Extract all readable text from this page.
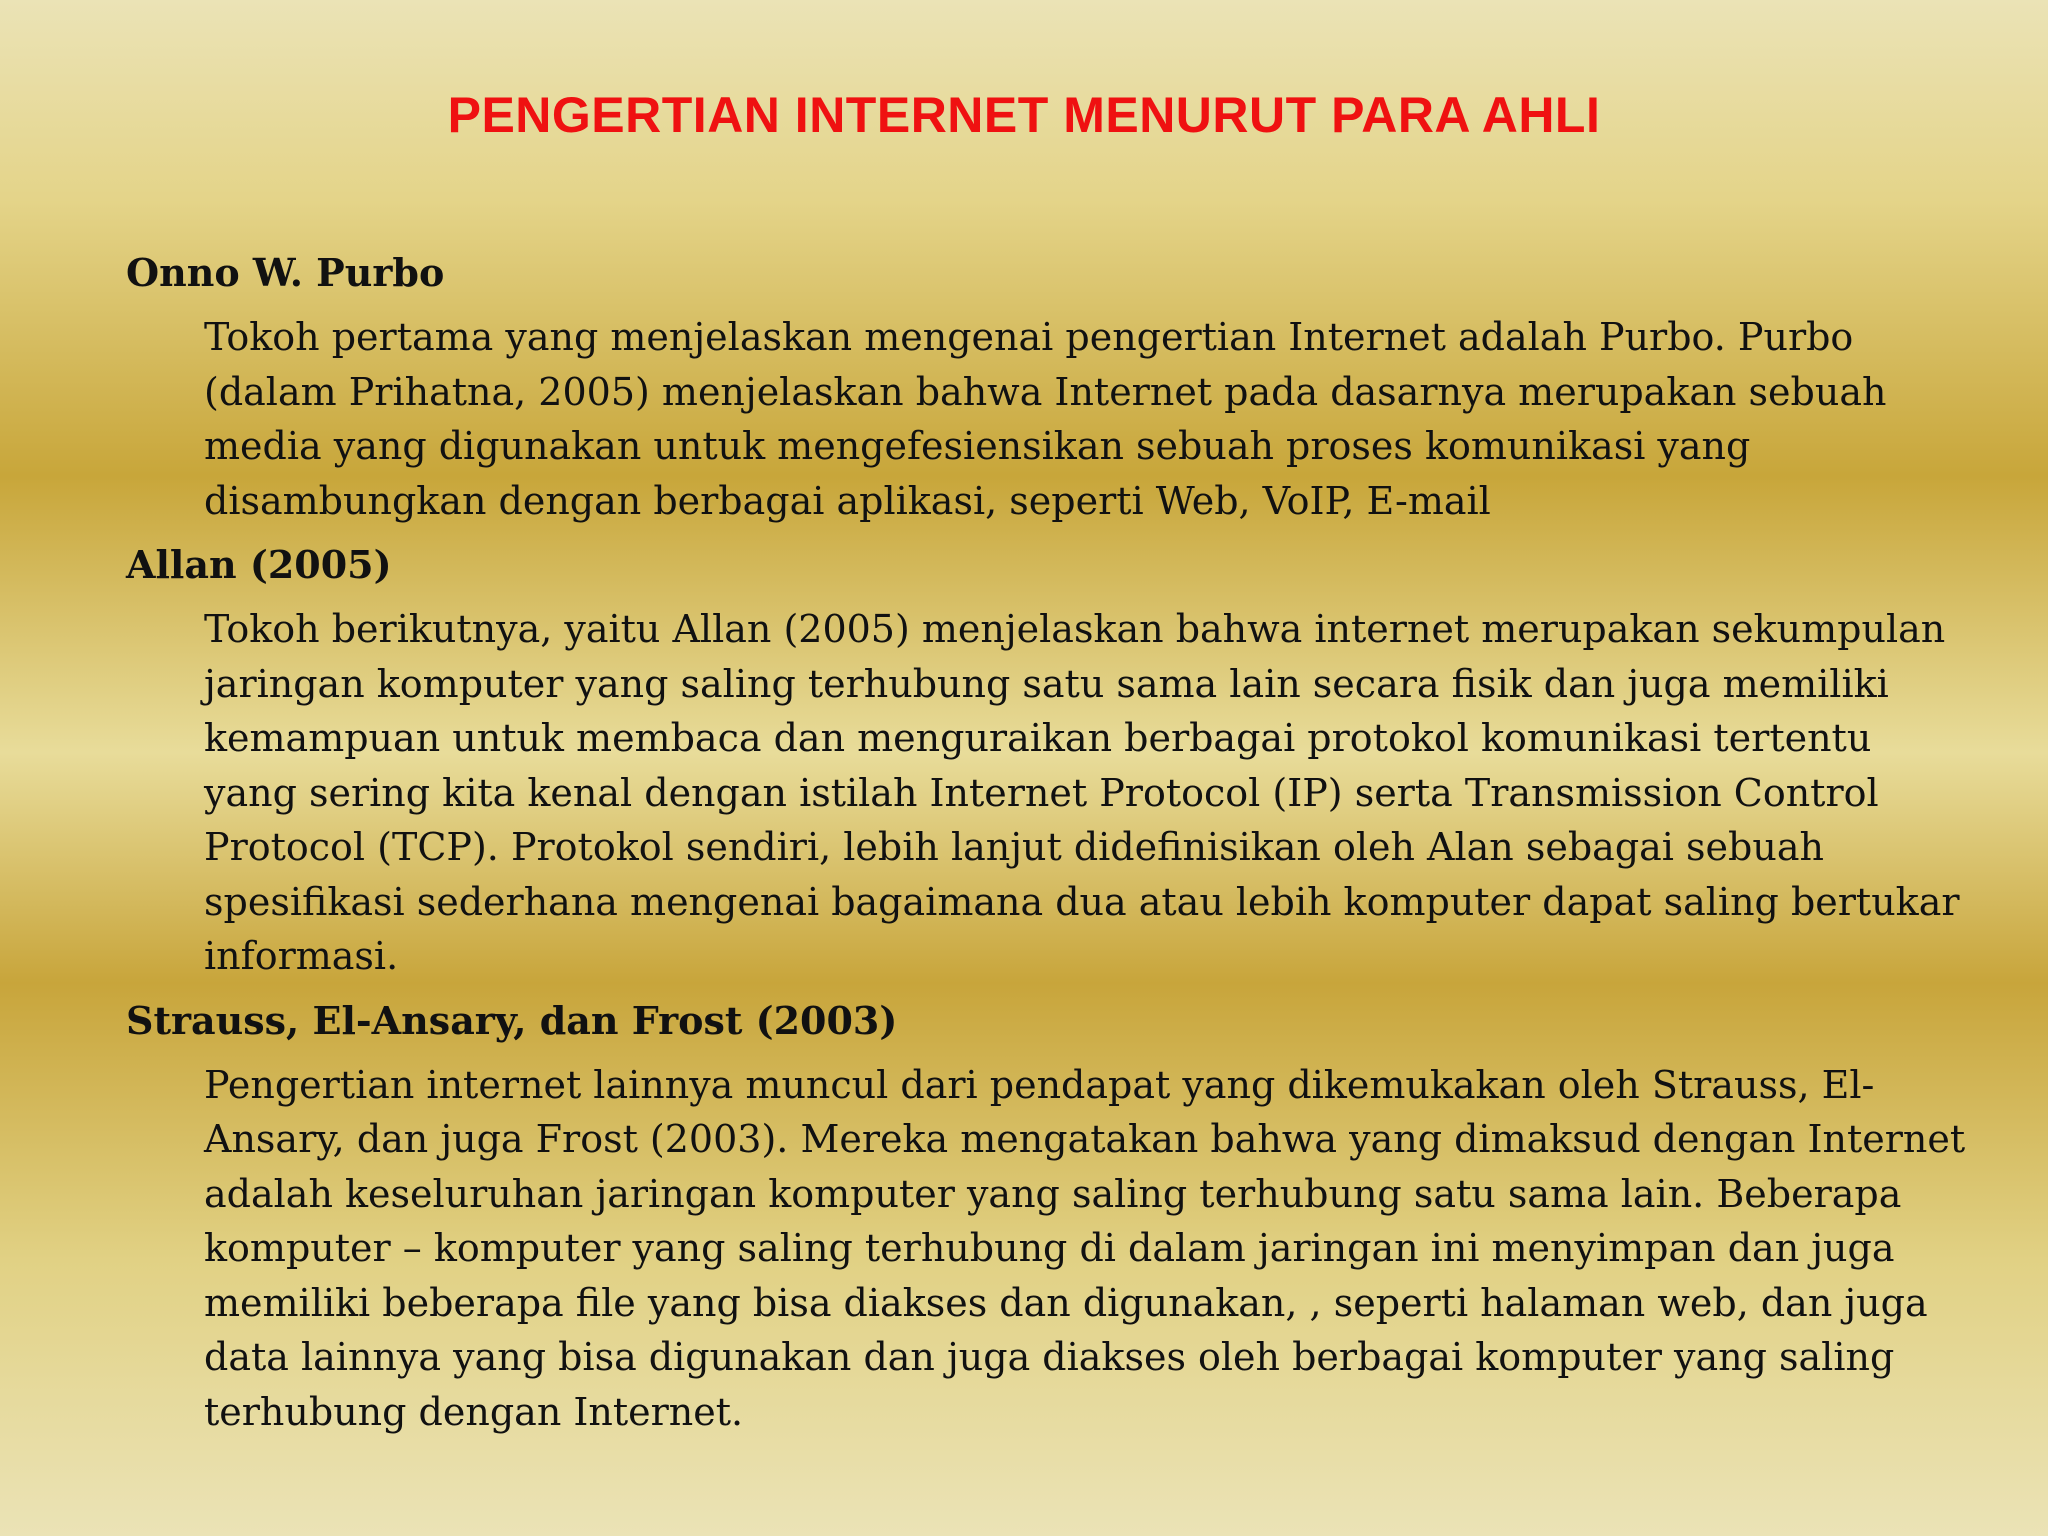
PENGERTIAN INTERNET MENURUT PARA AHLI
Onno W. Purbo
Tokoh pertama yang menjelaskan mengenai pengertian Internet adalah Purbo. Purbo (dalam Prihatna, 2005) menjelaskan bahwa Internet pada dasarnya merupakan sebuah media yang digunakan untuk mengefesiensikan sebuah proses komunikasi yang disambungkan dengan berbagai aplikasi, seperti Web, VoIP, E-mail
Allan (2005)
Tokoh berikutnya, yaitu Allan (2005) menjelaskan bahwa internet merupakan sekumpulan jaringan komputer yang saling terhubung satu sama lain secara fisik dan juga memiliki kemampuan untuk membaca dan menguraikan berbagai protokol komunikasi tertentu yang sering kita kenal dengan istilah Internet Protocol (IP) serta Transmission Control Protocol (TCP). Protokol sendiri, lebih lanjut didefinisikan oleh Alan sebagai sebuah spesifikasi sederhana mengenai bagaimana dua atau lebih komputer dapat saling bertukar informasi.
Strauss, El-Ansary, dan Frost (2003)
Pengertian internet lainnya muncul dari pendapat yang dikemukakan oleh Strauss, El-Ansary, dan juga Frost (2003). Mereka mengatakan bahwa yang dimaksud dengan Internet adalah keseluruhan jaringan komputer yang saling terhubung satu sama lain. Beberapa komputer – komputer yang saling terhubung di dalam jaringan ini menyimpan dan juga memiliki beberapa file yang bisa diakses dan digunakan, , seperti halaman web, dan juga data lainnya yang bisa digunakan dan juga diakses oleh berbagai komputer yang saling terhubung dengan Internet.
